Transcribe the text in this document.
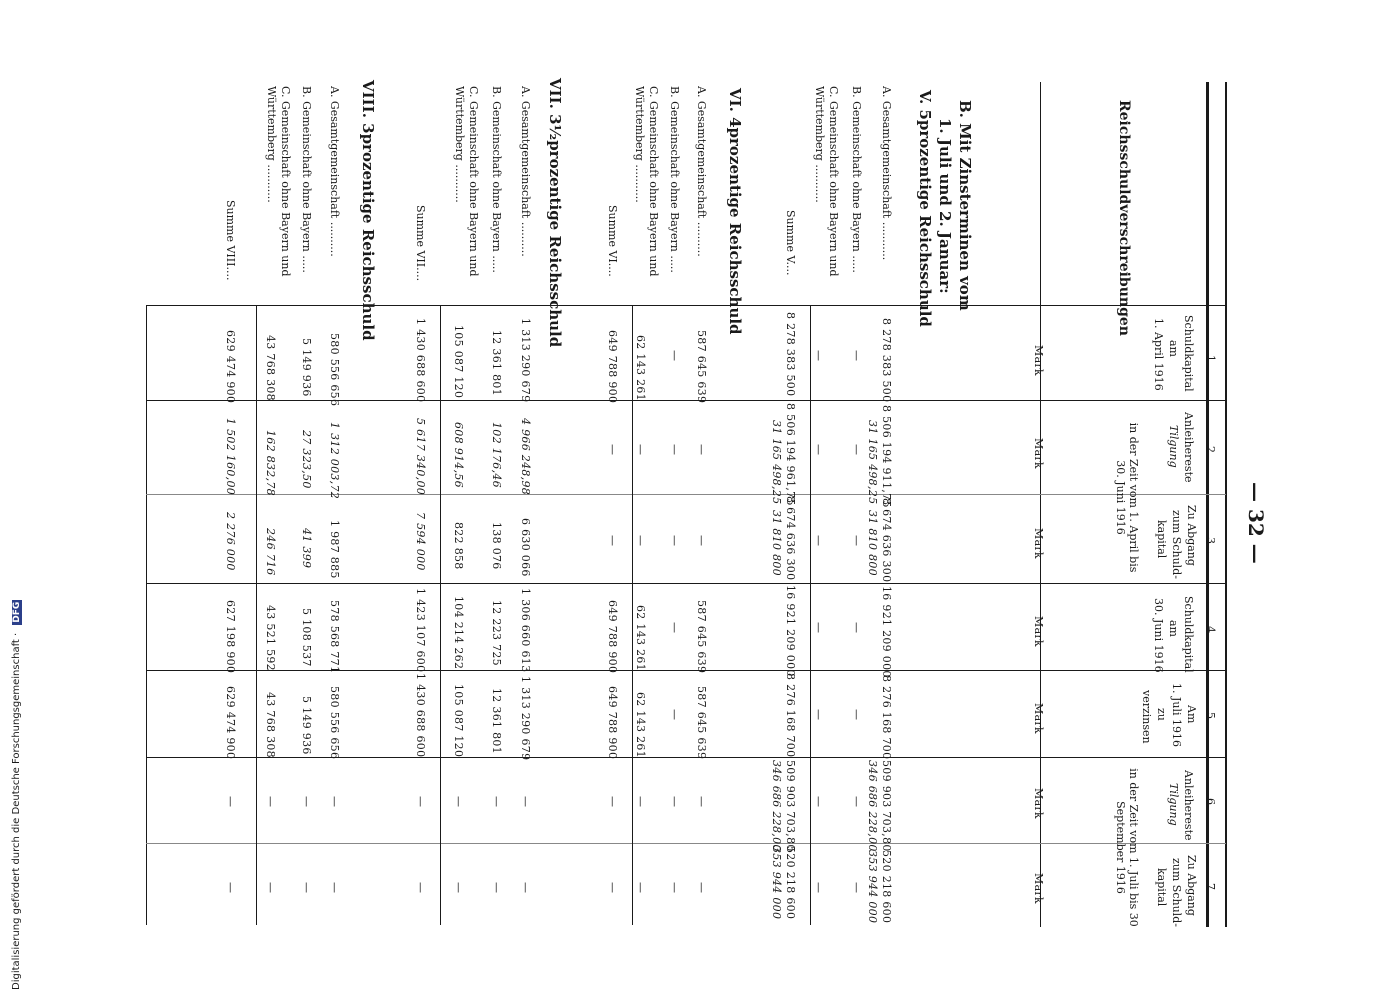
— 32 —
Digitalisierung gefördert durch die Deutsche Forschungsgemeinschaft · DFG
1
2
3
4
5
6
7
Reichsschuldverschreibungen
Schuldkapital
am
1. April 1916
Anleihereste
Tilgung
Zu Abgang
zum Schuld-
kapital
in der Zeit vom 1. April bis 30. Juni 1916
Schuldkapital
am
30. Juni 1916
Am
1. Juli 1916
zu
verzinsen
Anleihereste
Tilgung
Zu Abgang
zum Schuld-
kapital
in der Zeit vom 1. Juli bis 30 September 1916
Mark
Mark
Mark
Mark
Mark
Mark
Mark
B. Mit Zinsterminen vom
1. Juli und 2. Januar:
V. 5prozentige Reichsschuld
A. Gesamtgemeinschaft ...........
8 278 383 500
8 506 194 911,75
31 165 498,25
8 674 636 300
31 810 800
16 921 209 000
8 276 168 700
509 903 703,80
346 686 228,00
520 218 600
353 944 000
B. Gemeinschaft ohne Bayern .....
—
—
—
—
—
—
—
C. Gemeinschaft ohne Bayern und Württemberg ...........
—
—
—
—
—
—
—
Summe V....
8 278 383 500
8 506 194 961,75
31 165 498,25
8 674 636 300
31 810 800
16 921 209 000
8 276 168 700
509 903 703,80
346 686 228,00
520 218 600
353 944 000
VI. 4prozentige Reichsschuld
A. Gesamtgemeinschaft ..........
587 645 639
—
—
587 645 639
587 645 639
—
—
B. Gemeinschaft ohne Bayern .....
—
—
—
—
—
—
—
C. Gemeinschaft ohne Bayern und Württemberg ...........
62 143 261
—
—
62 143 261
62 143 261
—
—
Summe VI....
649 788 900
—
—
649 788 900
649 788 900
—
—
VII. 3½prozentige Reichsschuld
A. Gesamtgemeinschaft ..........
1 313 290 679
4 966 248,98
6 630 066
1 306 660 613
1 313 290 679
—
—
B. Gemeinschaft ohne Bayern .....
12 361 801
102 176,46
138 076
12 223 725
12 361 801
—
—
C. Gemeinschaft ohne Bayern und Württemberg ...........
105 087 120
608 914,56
822 858
104 214 262
105 087 120
—
—
Summe VII....
1 430 688 600
5 617 340,00
7 594 000
1 423 107 600
1 430 688 600
—
—
VIII. 3prozentige Reichsschuld
A. Gesamtgemeinschaft ..........
580 556 656
1 312 003,72
1 987 885
578 568 771
580 556 656
—
—
B. Gemeinschaft ohne Bayern .....
5 149 936
27 323,50
41 399
5 108 537
5 149 936
—
—
C. Gemeinschaft ohne Bayern und Württemberg ...........
43 768 308
162 832,78
246 716
43 521 592
43 768 308
—
—
Summe VIII....
629 474 900
1 502 160,00
2 276 000
627 198 900
629 474 900
—
—
